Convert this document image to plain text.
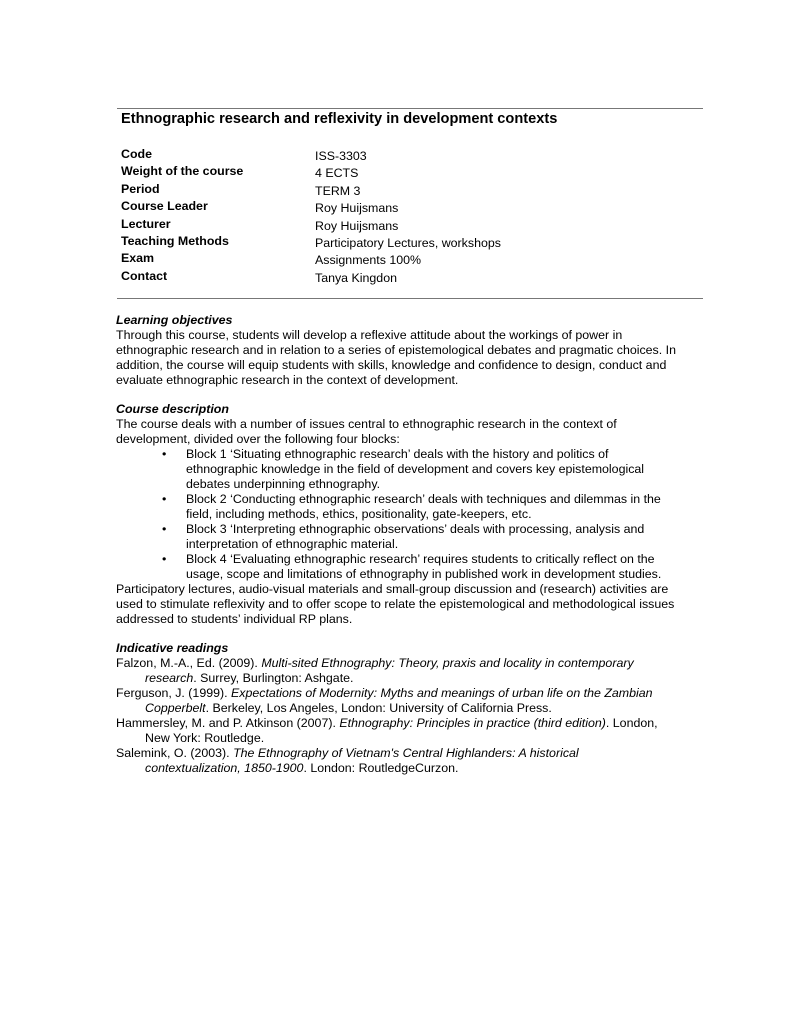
Ethnographic research and reflexivity in development contexts
Code	ISS-3303
Weight of the course	4 ECTS
Period	TERM 3
Course Leader	Roy Huijsmans
Lecturer	Roy Huijsmans
Teaching Methods	Participatory Lectures, workshops
Exam	Assignments 100%
Contact	Tanya Kingdon

Learning objectives

Through this course, students will develop a reflexive attitude about the workings of power in ethnographic research and in relation to a series of epistemological debates and pragmatic choices. In addition, the course will equip students with skills, knowledge and confidence to design, conduct and evaluate ethnographic research in the context of development.

Course description

The course deals with a number of issues central to ethnographic research in the context of development, divided over the following four blocks:

• Block 1 ‘Situating ethnographic research’ deals with the history and politics of ethnographic knowledge in the field of development and covers key epistemological debates underpinning ethnography.
• Block 2 ‘Conducting ethnographic research’ deals with techniques and dilemmas in the field, including methods, ethics, positionality, gate-keepers, etc.
• Block 3 ‘Interpreting ethnographic observations’ deals with processing, analysis and interpretation of ethnographic material.
• Block 4 ‘Evaluating ethnographic research’ requires students to critically reflect on the usage, scope and limitations of ethnography in published work in development studies.

Participatory lectures, audio-visual materials and small-group discussion and (research) activities are used to stimulate reflexivity and to offer scope to relate the epistemological and methodological issues addressed to students’ individual RP plans.

Indicative readings

Falzon, M.-A., Ed. (2009). Multi-sited Ethnography: Theory, praxis and locality in contemporary research. Surrey, Burlington: Ashgate.

Ferguson, J. (1999). Expectations of Modernity: Myths and meanings of urban life on the Zambian Copperbelt. Berkeley, Los Angeles, London: University of California Press.

Hammersley, M. and P. Atkinson (2007). Ethnography: Principles in practice (third edition). London, New York: Routledge.

Salemink, O. (2003). The Ethnography of Vietnam's Central Highlanders: A historical contextualization, 1850-1900. London: RoutledgeCurzon.
